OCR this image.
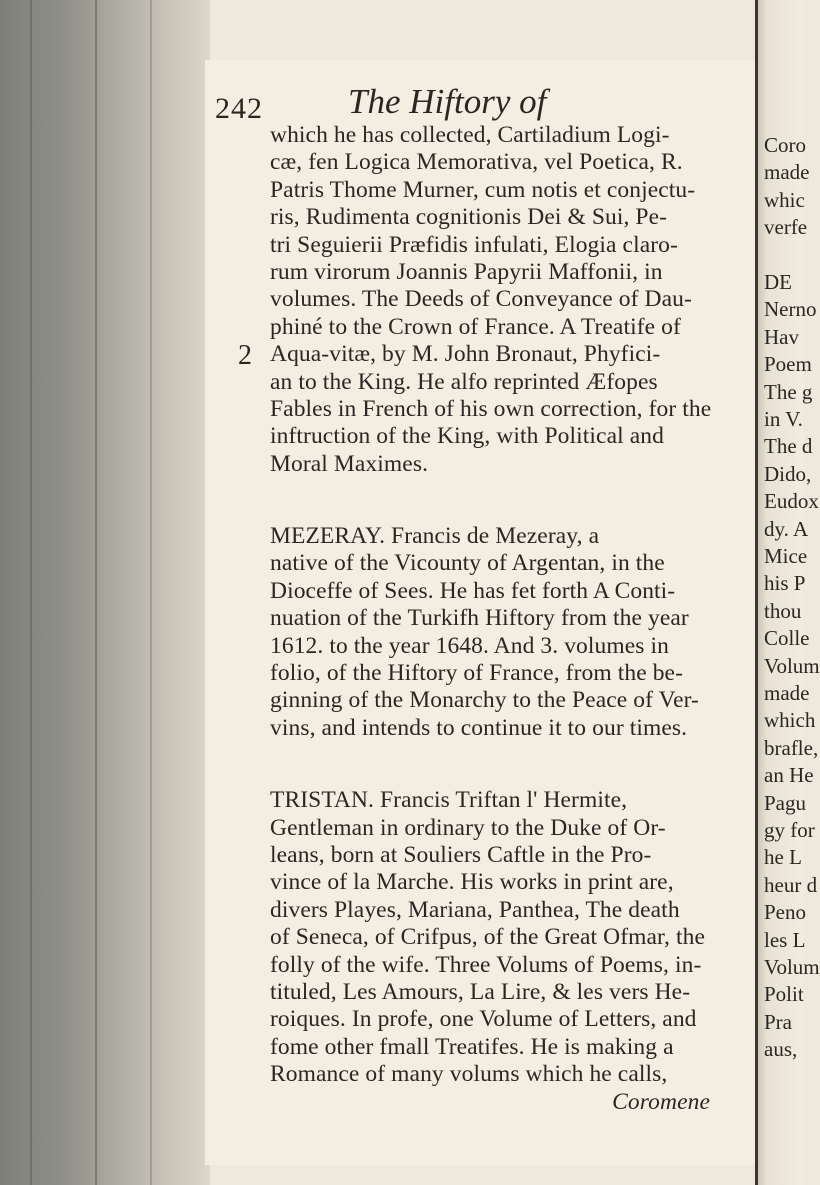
242 The Hiftory of
2
which he has collected, Cartiladium Logi-
cæ, fen Logica Memorativa, vel Poetica, R.
Patris Thome Murner, cum notis et conjectu-
ris, Rudimenta cognitionis Dei & Sui, Pe-
tri Seguierii Præfidis infulati, Elogia claro-
rum virorum Joannis Papyrii Maffonii, in
volumes. The Deeds of Conveyance of Dau-
phiné to the Crown of France. A Treatife of
Aqua-vitæ, by M. John Bronaut, Phyfici-
an to the King. He alfo reprinted Æfopes
Fables in French of his own correction, for the
inftruction of the King, with Political and
Moral Maximes.
MEZERAY. Francis de Mezeray, a
native of the Vicounty of Argentan, in the
Dioceffe of Sees. He has fet forth A Conti-
nuation of the Turkifh Hiftory from the year
1612. to the year 1648. And 3. volumes in
folio, of the Hiftory of France, from the be-
ginning of the Monarchy to the Peace of Ver-
vins, and intends to continue it to our times.
TRISTAN. Francis Triftan l' Hermite,
Gentleman in ordinary to the Duke of Or-
leans, born at Souliers Caftle in the Pro-
vince of la Marche. His works in print are,
divers Playes, Mariana, Panthea, The death
of Seneca, of Crifpus, of the Great Ofmar, the
folly of the wife. Three Volums of Poems, in-
tituled, Les Amours, La Lire, & les vers He-
roiques. In profe, one Volume of Letters, and
fome other fmall Treatifes. He is making a
Romance of many volums which he calls,
Coromene
Coro
made
whic
verfe
DE
Nerno
Hav
Poem
The g
in V.
The d
Dido,
Eudox
dy. A
Mice
his P
thou
Colle
Volum
made
which
brafle,
an He
Pagu
gy for
he L
heur d
Peno
les L
Volum
Polit
Pra
aus,
